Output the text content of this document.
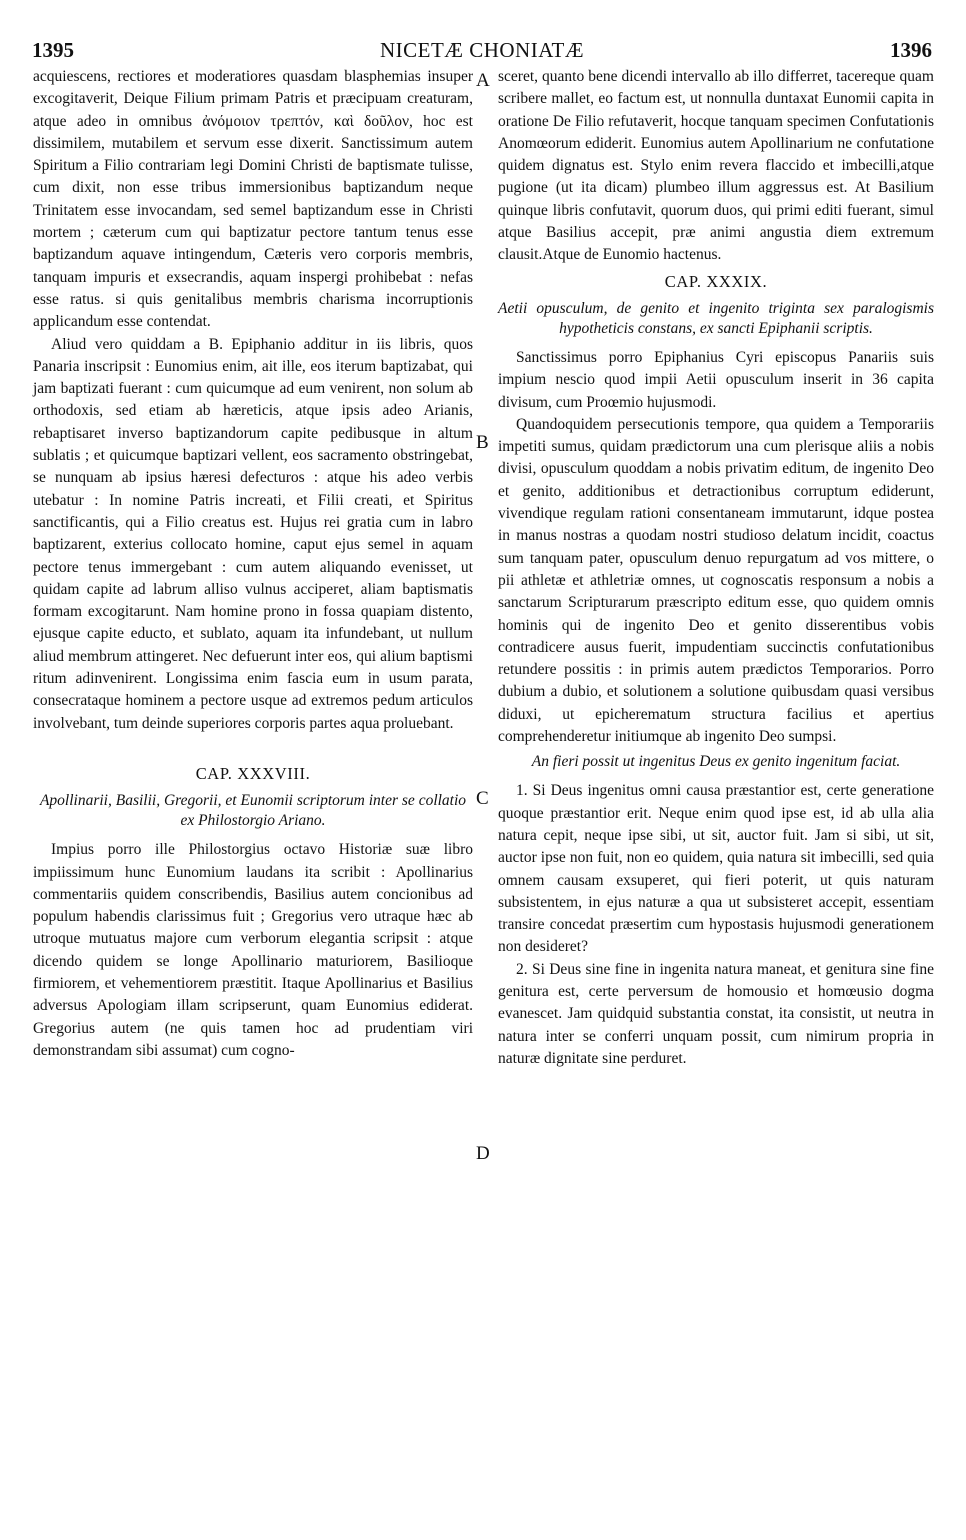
1395	NICETÆ CHONIATÆ	1396
A
B
C
D

acquiescens, rectiores et moderatiores quasdam blasphemias insuper excogitaverit, Deique Filium primam Patris et præcipuam creaturam, atque adeo in omnibus ἀνόμοιον τρεπτόν, καὶ δοῦλον, hoc est dissimilem, mutabilem et servum esse dixerit. Sanctissimum autem Spiritum a Filio contrariam legi Domini Christi de baptismate tulisse, cum dixit, non esse tribus immersionibus baptizandum neque Trinitatem esse invocandam, sed semel baptizandum esse in Christi mortem ; cæterum cum qui baptizatur pectore tantum tenus esse baptizandum aquave intingendum, Cæteris vero corporis membris, tanquam impuris et exsecrandis, aquam inspergi prohibebat : nefas esse ratus. si quis genitalibus membris charisma incorruptionis applicandum esse contendat.

Aliud vero quiddam a B. Epiphanio additur in iis libris, quos Panaria inscripsit : Eunomius enim, ait ille, eos iterum baptizabat, qui jam baptizati fuerant : cum quicumque ad eum venirent, non solum ab orthodoxis, sed etiam ab hæreticis, atque ipsis adeo Arianis, rebaptisaret inverso baptizandorum capite pedibusque in altum sublatis ; et quicumque baptizari vellent, eos sacramento obstringebat, se nunquam ab ipsius hæresi defecturos : atque his adeo verbis utebatur : In nomine Patris increati, et Filii creati, et Spiritus sanctificantis, qui a Filio creatus est. Hujus rei gratia cum in labro baptizarent, exterius collocato homine, caput ejus semel in aquam pectore tenus immergebant : cum autem aliquando evenisset, ut quidam capite ad labrum alliso vulnus acciperet, aliam baptismatis formam excogitarunt. Nam homine prono in fossa quapiam distento, ejusque capite educto, et sublato, aquam ita infundebant, ut nullum aliud membrum attingeret. Nec defuerunt inter eos, qui alium baptismi ritum adinvenirent. Longissima enim fascia eum in usum parata, consecrataque hominem a pectore usque ad extremos pedum articulos involvebant, tum deinde superiores corporis partes aqua proluebant.

CAP. XXXVIII.
Apollinarii, Basilii, Gregorii, et Eunomii scriptorum inter se collatio ex Philostorgio Ariano.

Impius porro ille Philostorgius octavo Historiæ suæ libro impiissimum hunc Eunomium laudans ita scribit : Apollinarius commentariis quidem conscribendis, Basilius autem concionibus ad populum habendis clarissimus fuit ; Gregorius vero utraque hæc ab utroque mutuatus majore cum verborum elegantia scripsit : atque dicendo quidem se longe Apollinario maturiorem, Basilioque firmiorem, et vehementiorem præstitit. Itaque Apollinarius et Basilius adversus Apologiam illam scripserunt, quam Eunomius ediderat. Gregorius autem (ne quis tamen hoc ad prudentiam viri demonstrandam sibi assumat) cum cogno-

sceret, quanto bene dicendi intervallo ab illo differret, tacereque quam scribere mallet, eo factum est, ut nonnulla duntaxat Eunomii capita in oratione De Filio refutaverit, hocque tanquam specimen Confutationis Anomœorum ediderit. Eunomius autem Apollinarium ne confutatione quidem dignatus est. Stylo enim revera flaccido et imbecilli,atque pugione (ut ita dicam) plumbeo illum aggressus est. At Basilium quinque libris confutavit, quorum duos, qui primi editi fuerant, simul atque Basilius accepit, præ animi angustia diem extremum clausit.Atque de Eunomio hactenus.

CAP. XXXIX.
Aetii opusculum, de genito et ingenito triginta sex paralogismis hypotheticis constans, ex sancti Epiphanii scriptis.

Sanctissimus porro Epiphanius Cyri episcopus Panariis suis impium nescio quod impii Aetii opusculum inserit in 36 capita divisum, cum Proœmio hujusmodi.

Quandoquidem persecutionis tempore, qua quidem a Temporariis impetiti sumus, quidam prædictorum una cum plerisque aliis a nobis divisi, opusculum quoddam a nobis privatim editum, de ingenito Deo et genito, additionibus et detractionibus corruptum ediderunt, vivendique regulam rationi consentaneam immutarunt, idque postea in manus nostras a quodam nostri studioso delatum incidit, coactus sum tanquam pater, opusculum denuo repurgatum ad vos mittere, o pii athletæ et athletriæ omnes, ut cognoscatis responsum a nobis a sanctarum Scripturarum præscripto editum esse, quo quidem omnis hominis qui de ingenito Deo et genito disserentibus vobis contradicere ausus fuerit, impudentiam succinctis confutationibus retundere possitis : in primis autem prædictos Temporarios. Porro dubium a dubio, et solutionem a solutione quibusdam quasi versibus diduxi, ut epicherematum structura facilius et apertius comprehenderetur initiumque ab ingenito Deo sumpsi.

An fieri possit ut ingenitus Deus ex genito ingenitum faciat.

1. Si Deus ingenitus omni causa præstantior est, certe generatione quoque præstantior erit. Neque enim quod ipse est, id ab ulla alia natura cepit, neque ipse sibi, ut sit, auctor fuit. Jam si sibi, ut sit, auctor ipse non fuit, non eo quidem, quia natura sit imbecilli, sed quia omnem causam exsuperet, qui fieri poterit, ut quis naturam subsistentem, in ejus naturæ a qua ut subsisteret accepit, essentiam transire concedat præsertim cum hypostasis hujusmodi generationem non desideret?

2. Si Deus sine fine in ingenita natura maneat, et genitura sine fine genitura est, certe perversum de homousio et homœusio dogma evanescet. Jam quidquid substantia constat, ita consistit, ut neutra in natura inter se conferri unquam possit, cum nimirum propria in naturæ dignitate sine perduret.
